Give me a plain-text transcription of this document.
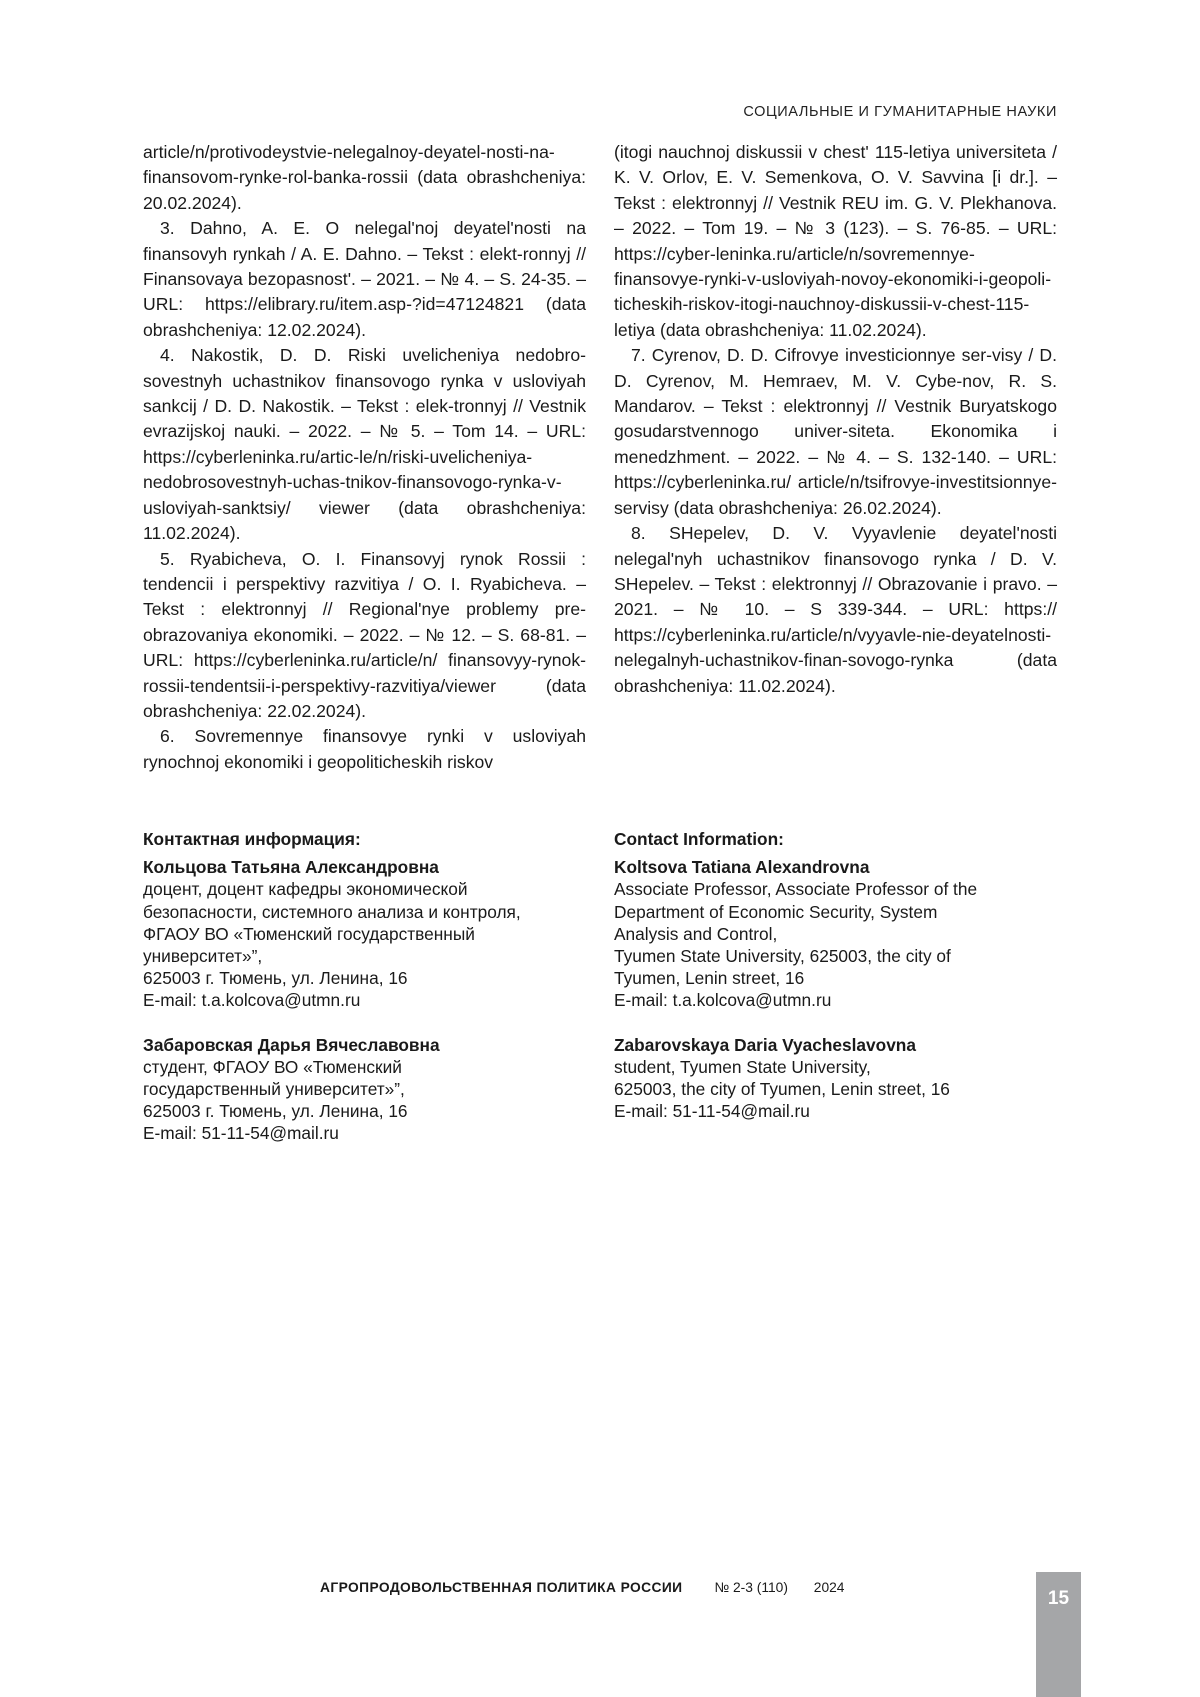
СОЦИАЛЬНЫЕ И ГУМАНИТАРНЫЕ НАУКИ

article/n/protivodeystvie-nelegalnoy-deyatel-nosti-na-finansovom-rynke-rol-banka-rossii (data obrashcheniya: 20.02.2024).

3. Dahno, A. E. O nelegal'noj deyatel'nosti na finansovyh rynkah / A. E. Dahno. – Tekst : elekt-ronnyj // Finansovaya bezopasnost'. – 2021. – № 4. – S. 24-35. – URL: https://elibrary.ru/item.asp-?id=47124821 (data obrashcheniya: 12.02.2024).

4. Nakostik, D. D. Riski uvelicheniya nedobro-sovestnyh uchastnikov finansovogo rynka v usloviyah sankcij / D. D. Nakostik. – Tekst : elek-tronnyj // Vestnik evrazijskoj nauki. – 2022. – № 5. – Tom 14. – URL: https://cyberleninka.ru/artic-le/n/riski-uvelicheniya-nedobrosovestnyh-uchas-tnikov-finansovogo-rynka-v-usloviyah-sanktsiy/ viewer (data obrashcheniya: 11.02.2024).

5. Ryabicheva, O. I. Finansovyj rynok Rossii : tendencii i perspektivy razvitiya / O. I. Ryabicheva. – Tekst : elektronnyj // Regional'nye problemy pre-obrazovaniya ekonomiki. – 2022. – № 12. – S. 68-81. – URL: https://cyberleninka.ru/article/n/ finansovyy-rynok-rossii-tendentsii-i-perspektivy-razvitiya/viewer (data obrashcheniya: 22.02.2024).

6. Sovremennye finansovye rynki v usloviyah rynochnoj ekonomiki i geopoliticheskih riskov

(itogi nauchnoj diskussii v chest' 115-letiya universiteta / K. V. Orlov, E. V. Semenkova, O. V. Savvina [i dr.]. – Tekst : elektronnyj // Vestnik REU im. G. V. Plekhanova. – 2022. – Tom 19. – № 3 (123). – S. 76-85. – URL: https://cyber-leninka.ru/article/n/sovremennye-finansovye-rynki-v-usloviyah-novoy-ekonomiki-i-geopoli-ticheskih-riskov-itogi-nauchnoy-diskussii-v-chest-115-letiya (data obrashcheniya: 11.02.2024).

7. Cyrenov, D. D. Cifrovye investicionnye ser-visy / D. D. Cyrenov, M. Hemraev, M. V. Cybe-nov, R. S. Mandarov. – Tekst : elektronnyj // Vestnik Buryatskogo gosudarstvennogo univer-siteta. Ekonomika i menedzhment. – 2022. – № 4. – S. 132-140. – URL: https://cyberleninka.ru/ article/n/tsifrovye-investitsionnye-servisy (data obrashcheniya: 26.02.2024).

8. SHepelev, D. V. Vyyavlenie deyatel'nosti nelegal'nyh uchastnikov finansovogo rynka / D. V. SHepelev. – Tekst : elektronnyj // Obrazovanie i pravo. – 2021. – № 10. – S 339-344. – URL: https:// https://cyberleninka.ru/article/n/vyyavle-nie-deyatelnosti-nelegalnyh-uchastnikov-finan-sovogo-rynka (data obrashcheniya: 11.02.2024).

Контактная информация:

Кольцова Татьяна Александровна

доцент, доцент кафедры экономической

безопасности, системного анализа и контроля,

ФГАОУ ВО «Тюменский государственный

университет»”,

625003 г. Тюмень, ул. Ленина, 16

E-mail: t.a.kolcova@utmn.ru

Забаровская Дарья Вячеславовна

студент, ФГАОУ ВО «Тюменский

государственный университет»”,

625003 г. Тюмень, ул. Ленина, 16

E-mail: 51-11-54@mail.ru

Contact Information:

Koltsova Tatiana Alexandrovna

Associate Professor, Associate Professor of the

Department of Economic Security, System

Analysis and Control,

Tyumen State University, 625003, the city of

Tyumen, Lenin street, 16

E-mail: t.a.kolcova@utmn.ru

Zabarovskaya Daria Vyacheslavovna

student, Tyumen State University,

625003, the city of Tyumen, Lenin street, 16

E-mail: 51-11-54@mail.ru

АГРОПРОДОВОЛЬСТВЕННАЯ ПОЛИТИКА РОССИИ № 2-3 (110) 2024
15
